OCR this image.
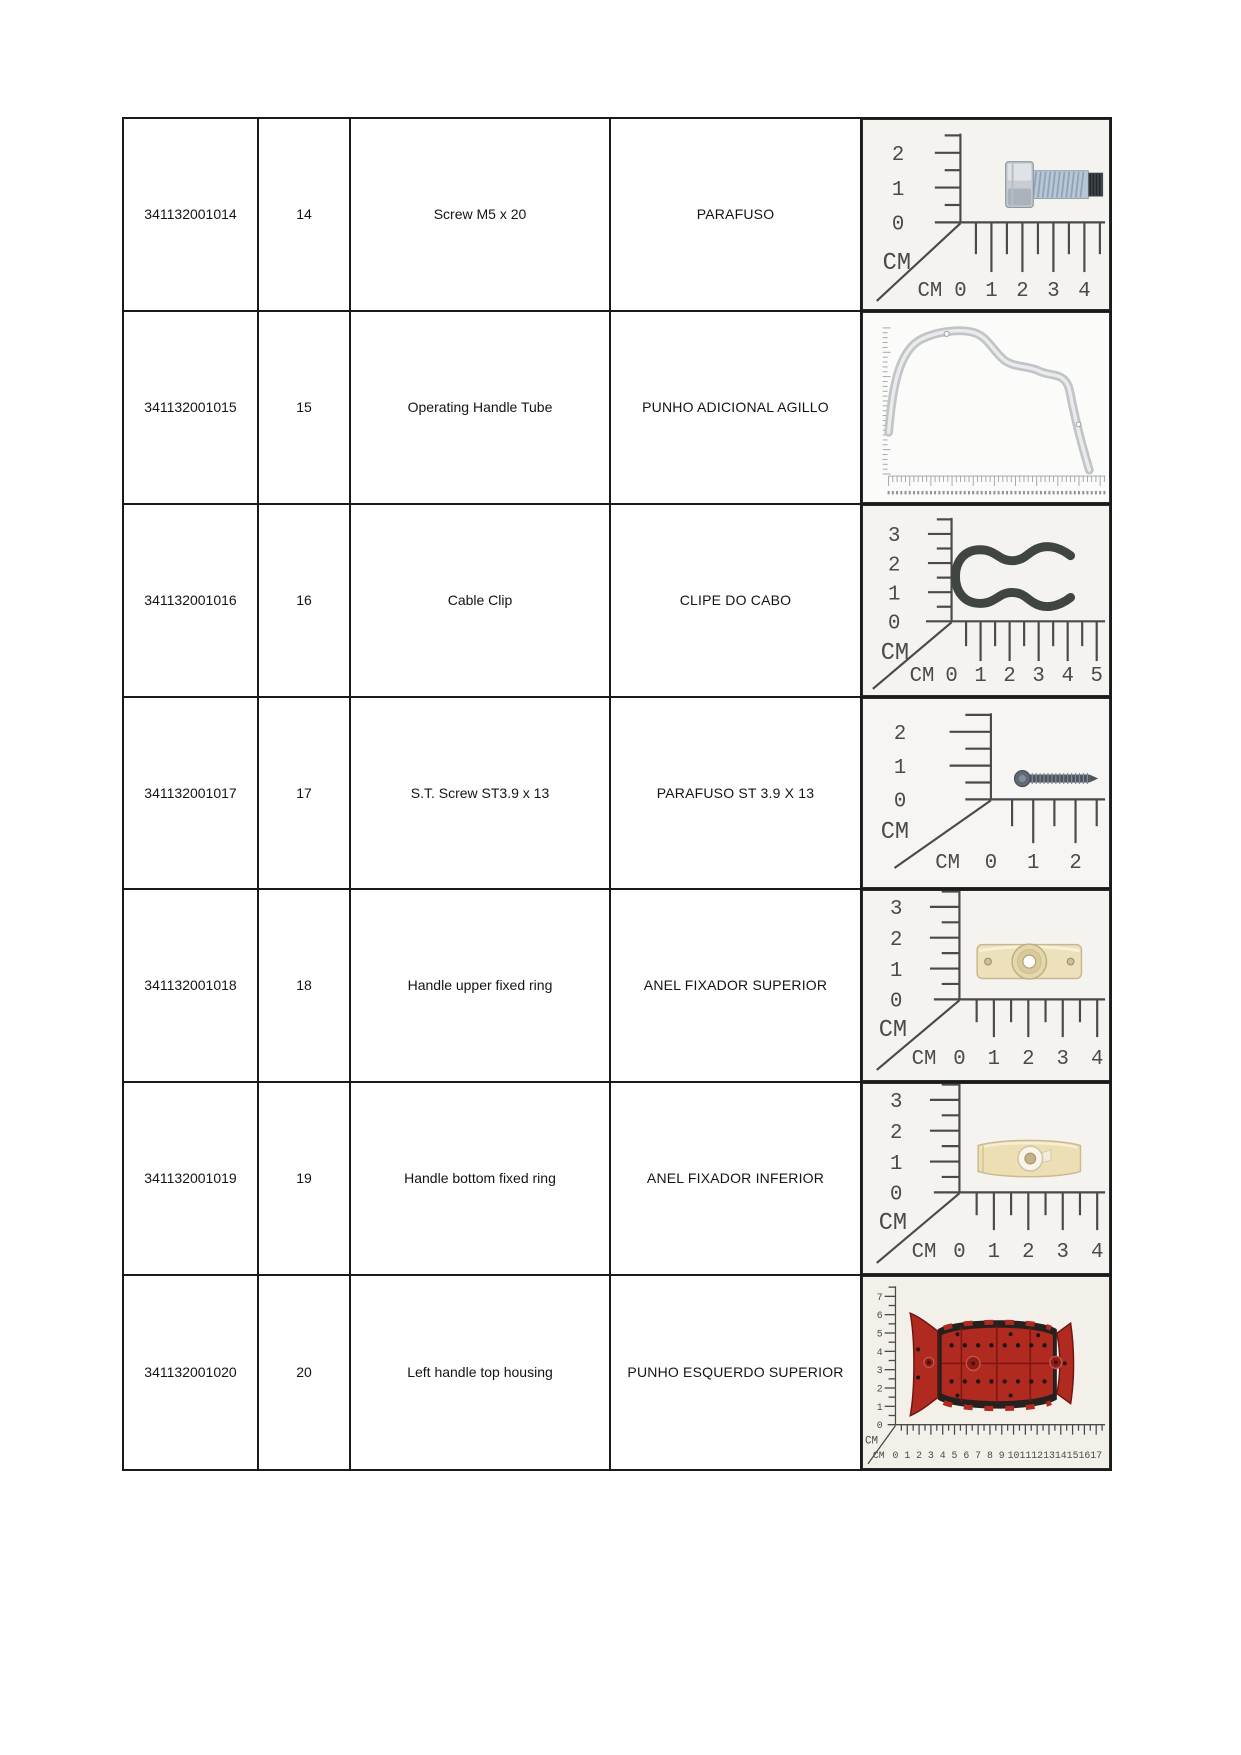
341132001014	14	Screw M5 x 20	PARAFUSO
2
1
0
0 1 2 3 4
CM
CM
341132001015	15	Operating Handle Tube	PUNHO ADICIONAL AGILLO
341132001016	16	Cable Clip	CLIPE DO CABO
3
2
1
0
0 1 2 3 4 5
CM
CM
341132001017	17	S.T. Screw ST3.9 x 13	PARAFUSO ST 3.9 X 13
2
1
0
0 1 2
CM
CM
341132001018	18	Handle upper fixed ring	ANEL FIXADOR SUPERIOR
3
2
1
0
0 1 2 3 4
CM
CM
341132001019	19	Handle bottom fixed ring	ANEL FIXADOR INFERIOR
3
2
1
0
0 1 2 3 4
CM
CM
341132001020	20	Left handle top housing	PUNHO ESQUERDO SUPERIOR
7
6
5
4
3
2
1
0
0 1 2 3 4 5 6 7 8 9 10 11 12 13 14 15 16 17
CM
CM
